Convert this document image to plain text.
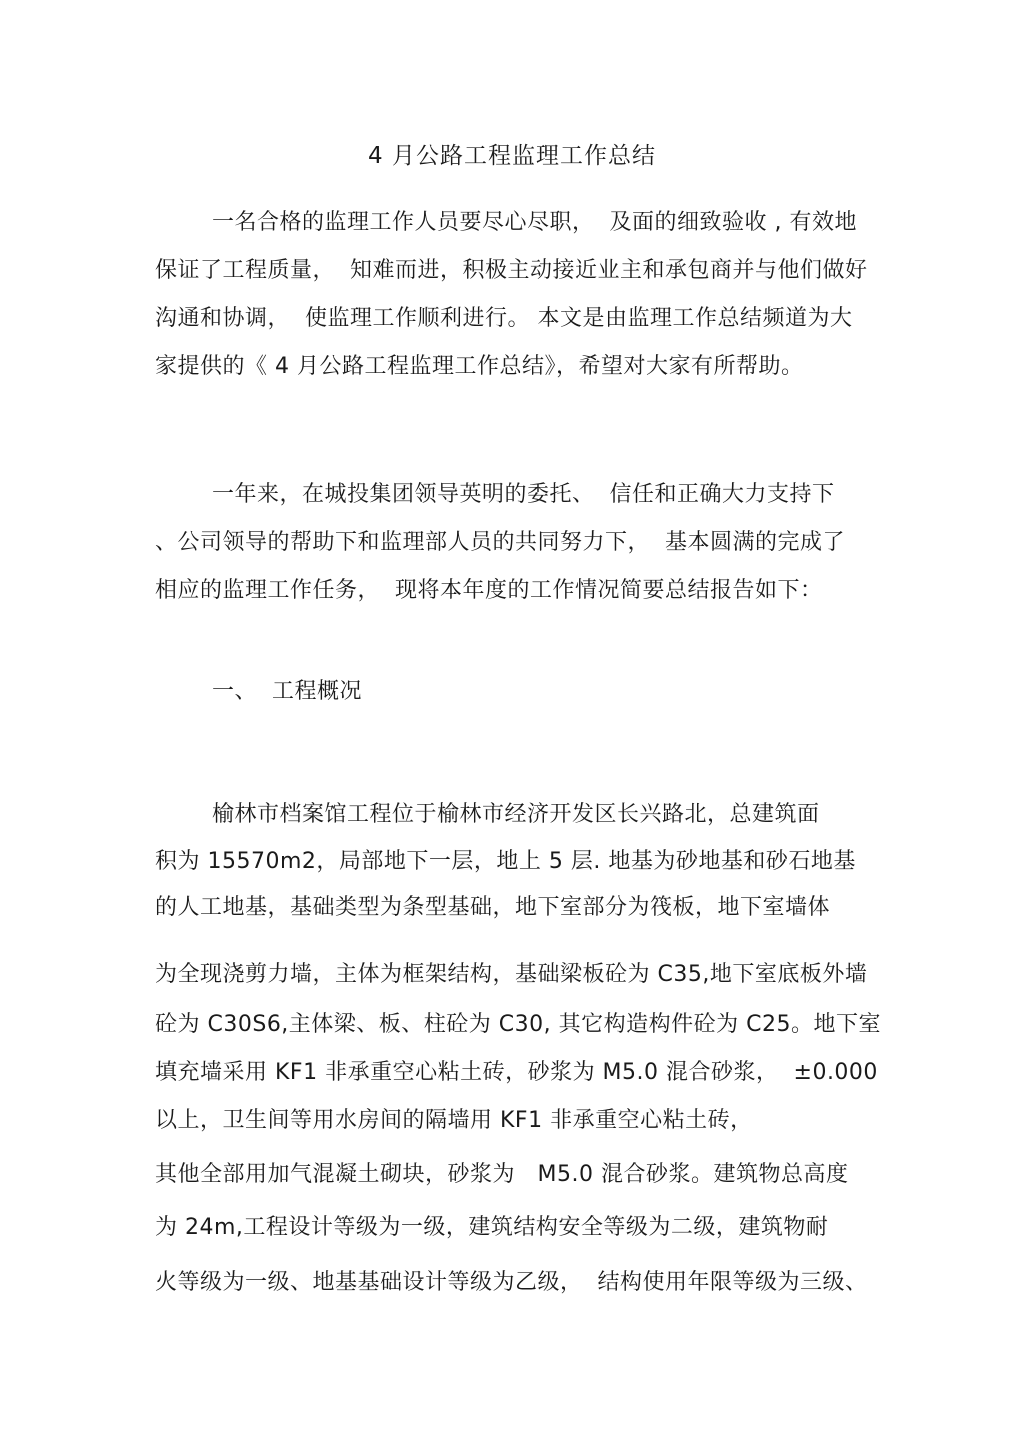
4 月公路工程监理工作总结
一名合格的监理工作人员要尽心尽职，  及面的细致验收 , 有效地
保证了工程质量，  知难而进，积极主动接近业主和承包商并与他们做好
沟通和协调，  使监理工作顺利进行。 本文是由监理工作总结频道为大
家提供的《 4 月公路工程监理工作总结》，希望对大家有所帮助。
一年来，在城投集团领导英明的委托、  信任和正确大力支持下
、公司领导的帮助下和监理部人员的共同努力下，  基本圆满的完成了
相应的监理工作任务，  现将本年度的工作情况简要总结报告如下：
一、  工程概况
榆林市档案馆工程位于榆林市经济开发区长兴路北，总建筑面
积为 15570m2，局部地下一层，地上 5 层. 地基为砂地基和砂石地基
的人工地基，基础类型为条型基础，地下室部分为筏板，地下室墙体
为全现浇剪力墙，主体为框架结构，基础梁板砼为 C35,地下室底板外墙
砼为 C30S6,主体梁、板、柱砼为 C30, 其它构造构件砼为 C25。地下室
填充墙采用 KF1 非承重空心粘土砖，砂浆为 M5.0 混合砂浆，  ±0.000
以上，卫生间等用水房间的隔墙用 KF1 非承重空心粘土砖，
其他全部用加气混凝土砌块，砂浆为   M5.0 混合砂浆。建筑物总高度
为 24m,工程设计等级为一级，建筑结构安全等级为二级，建筑物耐
火等级为一级、地基基础设计等级为乙级，  结构使用年限等级为三级、
